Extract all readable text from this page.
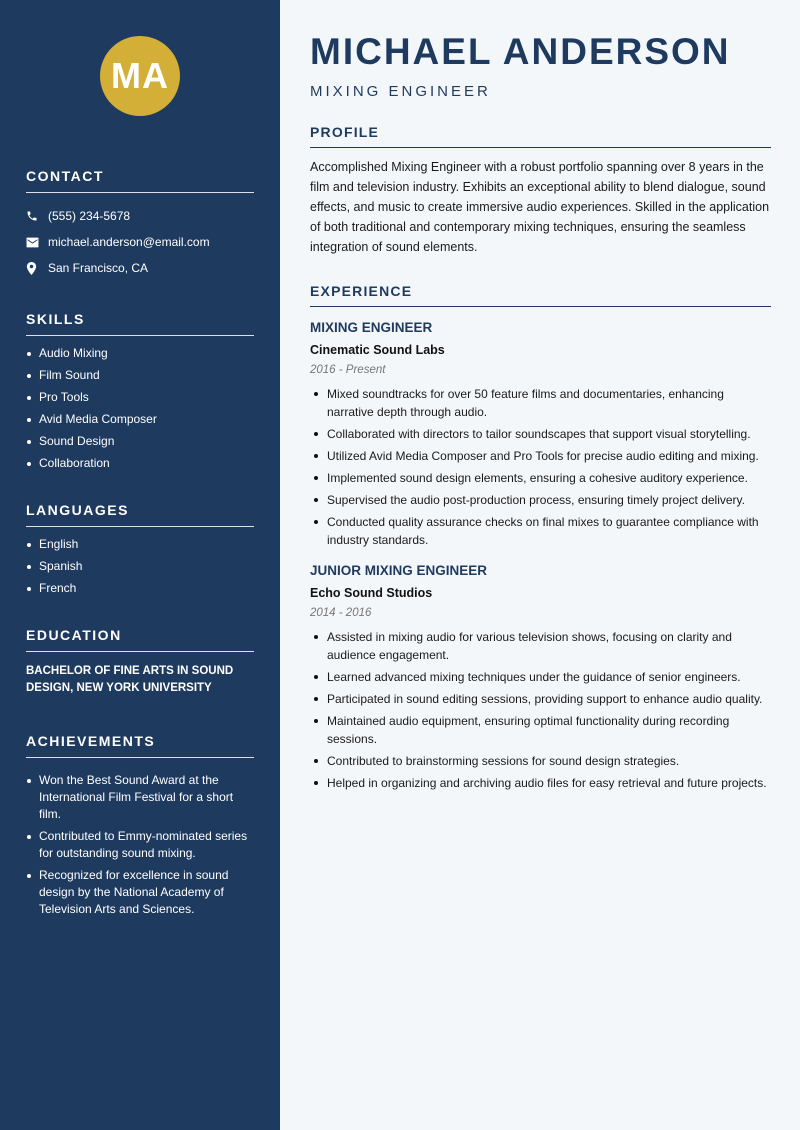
MA
CONTACT
(555) 234-5678
michael.anderson@email.com
San Francisco, CA
SKILLS
Audio Mixing
Film Sound
Pro Tools
Avid Media Composer
Sound Design
Collaboration
LANGUAGES
English
Spanish
French
EDUCATION

BACHELOR OF FINE ARTS IN SOUND DESIGN, NEW YORK UNIVERSITY

ACHIEVEMENTS
Won the Best Sound Award at the International Film Festival for a short film.
Contributed to Emmy-nominated series for outstanding sound mixing.
Recognized for excellence in sound design by the National Academy of Television Arts and Sciences.
MICHAEL ANDERSON
MIXING ENGINEER
PROFILE

Accomplished Mixing Engineer with a robust portfolio spanning over 8 years in the film and television industry. Exhibits an exceptional ability to blend dialogue, sound effects, and music to create immersive audio experiences. Skilled in the application of both traditional and contemporary mixing techniques, ensuring the seamless integration of sound elements.

EXPERIENCE
MIXING ENGINEER
Cinematic Sound Labs
2016 - Present
Mixed soundtracks for over 50 feature films and documentaries, enhancing narrative depth through audio.
Collaborated with directors to tailor soundscapes that support visual storytelling.
Utilized Avid Media Composer and Pro Tools for precise audio editing and mixing.
Implemented sound design elements, ensuring a cohesive auditory experience.
Supervised the audio post-production process, ensuring timely project delivery.
Conducted quality assurance checks on final mixes to guarantee compliance with industry standards.
JUNIOR MIXING ENGINEER
Echo Sound Studios
2014 - 2016
Assisted in mixing audio for various television shows, focusing on clarity and audience engagement.
Learned advanced mixing techniques under the guidance of senior engineers.
Participated in sound editing sessions, providing support to enhance audio quality.
Maintained audio equipment, ensuring optimal functionality during recording sessions.
Contributed to brainstorming sessions for sound design strategies.
Helped in organizing and archiving audio files for easy retrieval and future projects.
